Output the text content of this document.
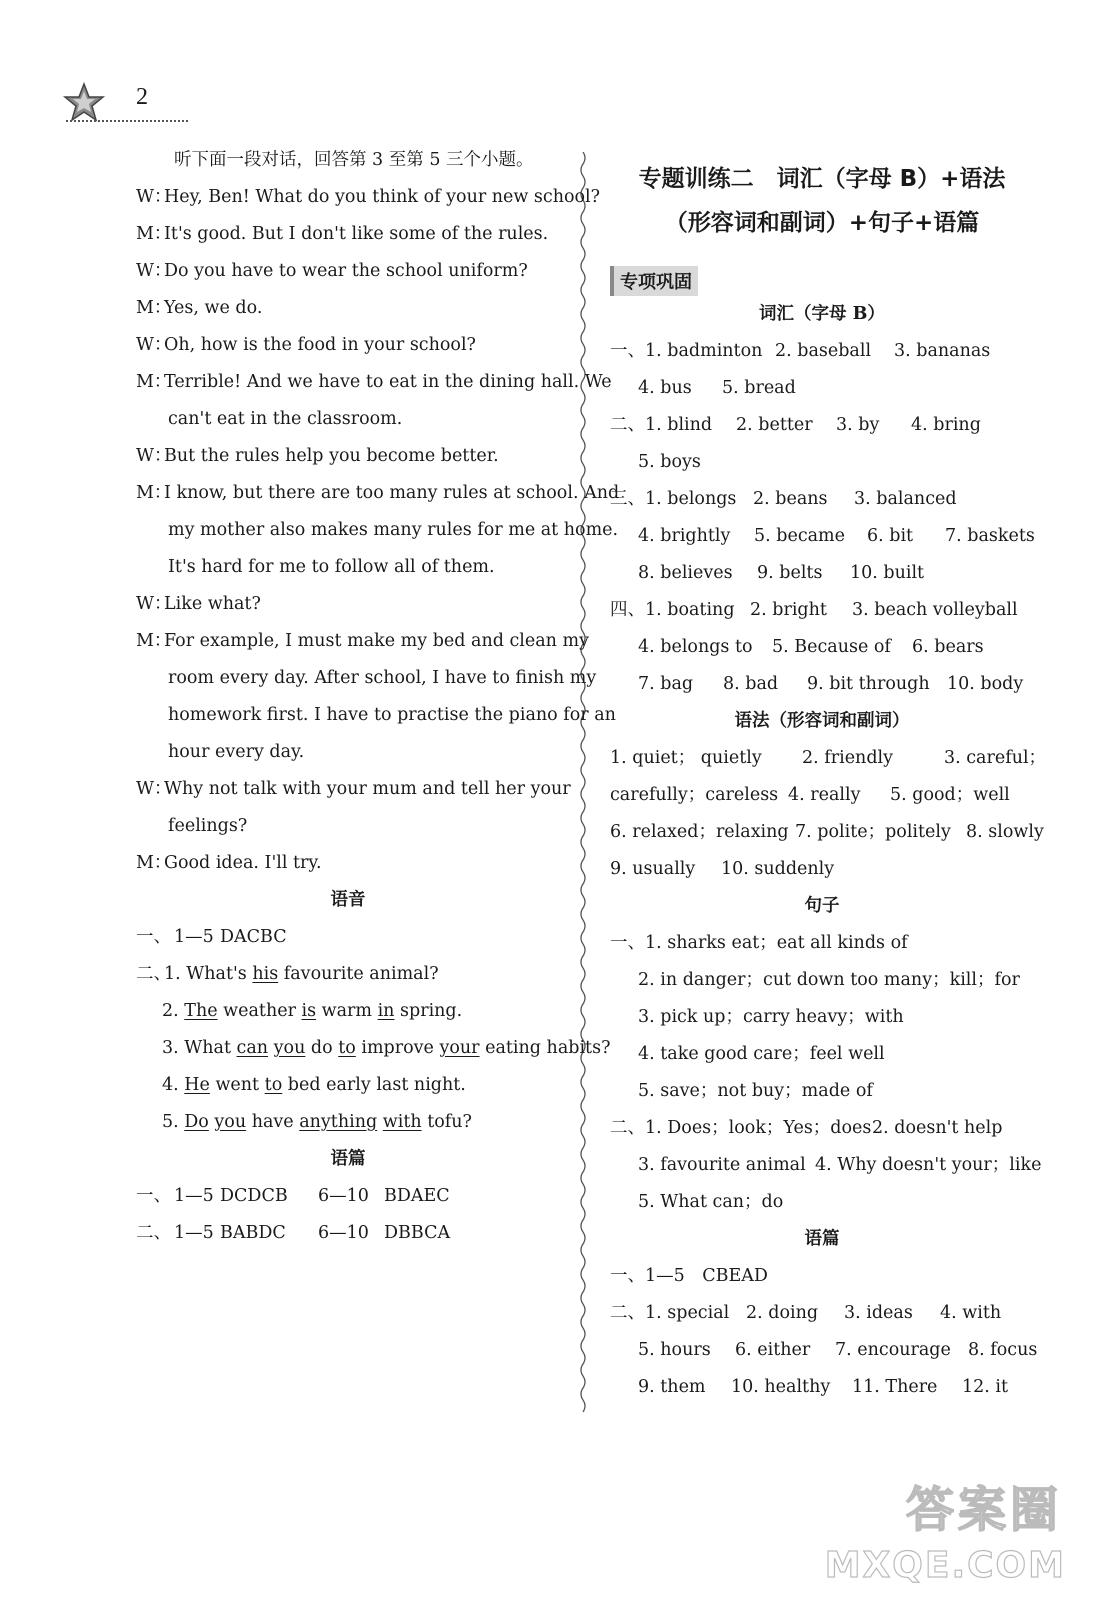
2
听下面一段对话，回答第 3 至第 5 三个小题。
W：
Hey, Ben! What do you think of your new school?
M：
It's good. But I don't like some of the rules.
W：
Do you have to wear the school uniform?
M：
Yes, we do.
W：
Oh, how is the food in your school?
M：
Terrible! And we have to eat in the dining hall. We
can't eat in the classroom.
W：
But the rules help you become better.
M：
I know, but there are too many rules at school. And
my mother also makes many rules for me at home.
It's hard for me to follow all of them.
W：
Like what?
M：
For example, I must make my bed and clean my
room every day. After school, I have to finish my
homework first. I have to practise the piano for an
hour every day.
W：
Why not talk with your mum and tell her your
feelings?
M：
Good idea. I'll try.
语音
一、 1—5 DACBC
二、
1. What's his favourite animal?
2. The weather is warm in spring.
3. What can you do to improve your eating habits?
4. He went to bed early last night.
5. Do you have anything with tofu?
语篇
一、 1—5 DCDCB 6—10 BDAEC
二、 1—5 BABDC 6—10 DBBCA
专题训练二　词汇（字母 B）+语法
（形容词和副词）+句子+语篇
专项巩固
词汇（字母 B）
一、1. badminton 2. baseball 3. bananas
4. bus 5. bread
二、1. blind 2. better 3. by 4. bring
5. boys
三、1. belongs 2. beans 3. balanced
4. brightly 5. became 6. bit 7. baskets
8. believes 9. belts 10. built
四、1. boating 2. bright 3. beach volleyball
4. belongs to 5. Because of 6. bears
7. bag 8. bad 9. bit through 10. body
语法（形容词和副词）
1. quiet； quietly 2. friendly	3. careful；
carefully；careless 4. really 5. good；well
6. relaxed；relaxing 7. polite；politely 8. slowly
9. usually 10. suddenly
句子
一、1. sharks eat；eat all kinds of
2. in danger；cut down too many；kill；for
3. pick up；carry heavy；with
4. take good care；feel well
5. save；not buy；made of
二、1. Does；look；Yes；does 2. doesn't help
3. favourite animal 4. Why doesn't your；like
5. What can；do
语篇
一、1—5　CBEAD
二、1. special 2. doing 3. ideas 4. with
5. hours 6. either 7. encourage 8. focus
9. them 10. healthy 11. There 12. it
答案圈
MXQE.COM
